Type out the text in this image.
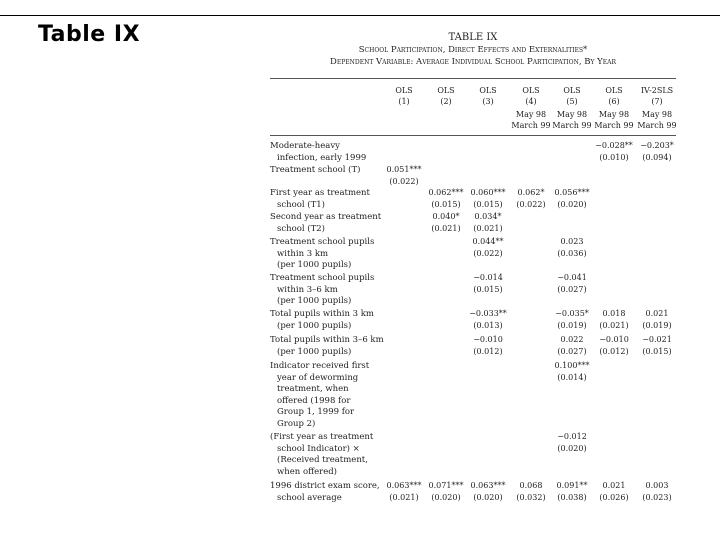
Table IX	TABLE IX
School Participation, Direct Effects and Externalities*
Dependent Variable: Average Individual School Participation, By Year
OLS
(1)
OLS
(2)
OLS
(3)
OLS
(4)
May 98
March 99
OLS
(5)
May 98
March 99
OLS
(6)
May 98
March 99
IV-2SLS
(7)
May 98
March 99
Moderate-heavy
infection, early 1999
−0.028**
(0.010)
−0.203*
(0.094)
Treatment school (T)	0.051***
(0.022)
First year as treatment
school (T1)
0.062***
(0.015)
0.060***
(0.015)
0.062*
(0.022)
0.056***
(0.020)
Second year as treatment
school (T2)
0.040*
(0.021)
0.034*
(0.021)
Treatment school pupils
within 3 km
(per 1000 pupils)
0.044**
(0.022)
0.023
(0.036)
Treatment school pupils
within 3–6 km
(per 1000 pupils)
−0.014
(0.015)
−0.041
(0.027)
Total pupils within 3 km
(per 1000 pupils)
−0.033**
(0.013)
−0.035*
(0.019)
0.018
(0.021)
0.021
(0.019)
Total pupils within 3–6 km
(per 1000 pupils)
−0.010
(0.012)
0.022
(0.027)
−0.010
(0.012)
−0.021
(0.015)
Indicator received first
year of deworming
treatment, when
offered (1998 for
Group 1, 1999 for
Group 2)
0.100***
(0.014)
(First year as treatment
school Indicator) ×
(Received treatment,
when offered)
−0.012
(0.020)
1996 district exam score,
school average
0.063***
(0.021)
0.071***
(0.020)
0.063***
(0.020)
0.068
(0.032)
0.091**
(0.038)
0.021
(0.026)
0.003
(0.023)
